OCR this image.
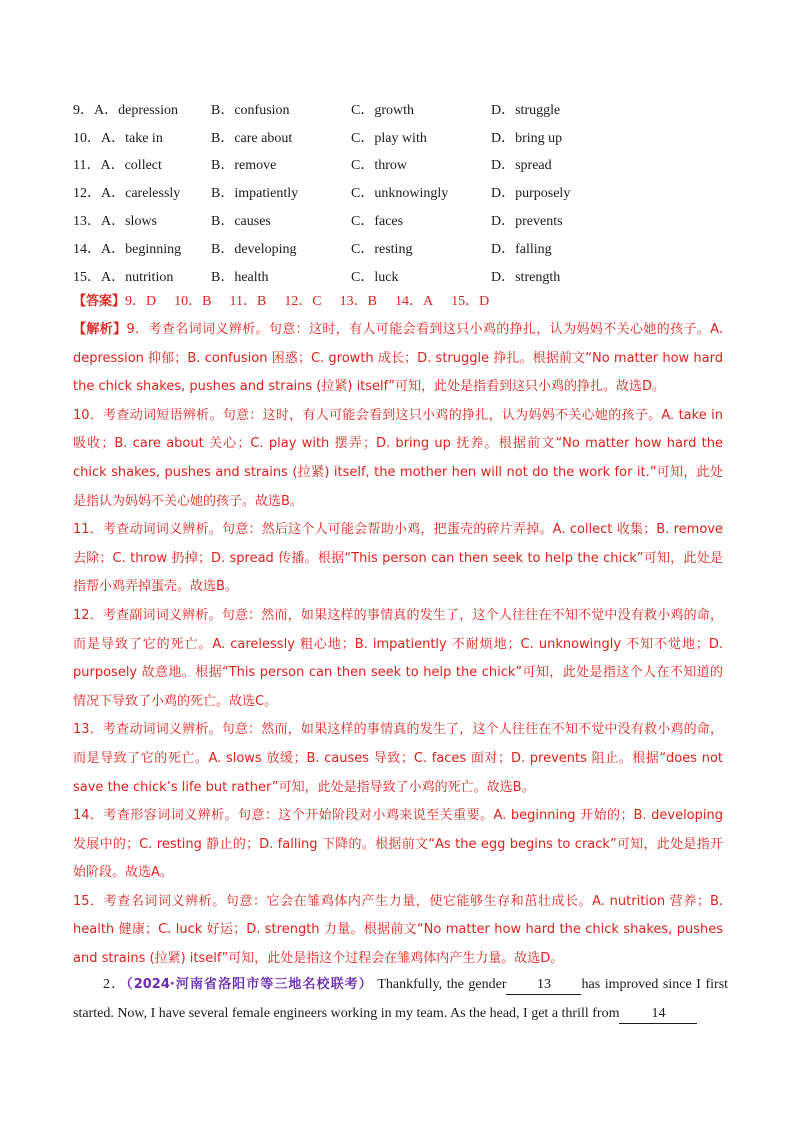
9．A．depression	B．confusion	C．growth	D．struggle
10．A．take in	B．care about	C．play with	D．bring up
11．A．collect	B．remove	C．throw	D．spread
12．A．carelessly	B．impatiently	C．unknowingly	D．purposely
13．A．slows	B．causes	C．faces	D．prevents
14．A．beginning	B．developing	C．resting	D．falling
15．A．nutrition	B．health	C．luck	D．strength
【答案】9．D 10．B 11．B 12．C 13．B 14．A 15．D

【解析】9．考查名词词义辨析。句意：这时，有人可能会看到这只小鸡的挣扎，认为妈妈不关心她的孩子。A. depression 抑郁；B. confusion 困惑；C. growth 成长；D. struggle 挣扎。根据前文“No matter how hard the chick shakes, pushes and strains (拉紧) itself”可知，此处是指看到这只小鸡的挣扎。故选D。

10．考查动词短语辨析。句意：这时，有人可能会看到这只小鸡的挣扎，认为妈妈不关心她的孩子。A. take in 吸收；B. care about 关心；C. play with 摆弄；D. bring up 抚养。根据前文“No matter how hard the chick shakes, pushes and strains (拉紧) itself, the mother hen will not do the work for it.”可知，此处是指认为妈妈不关心她的孩子。故选B。

11．考查动词词义辨析。句意：然后这个人可能会帮助小鸡，把蛋壳的碎片弄掉。A. collect 收集；B. remove 去除；C. throw 扔掉；D. spread 传播。根据“This person can then seek to help the chick”可知，此处是指帮小鸡弄掉蛋壳。故选B。

12．考查副词词义辨析。句意：然而，如果这样的事情真的发生了，这个人往往在不知不觉中没有救小鸡的命，而是导致了它的死亡。A. carelessly 粗心地；B. impatiently 不耐烦地；C. unknowingly 不知不觉地；D. purposely 故意地。根据“This person can then seek to help the chick”可知，此处是指这个人在不知道的情况下导致了小鸡的死亡。故选C。

13．考查动词词义辨析。句意：然而，如果这样的事情真的发生了，这个人往往在不知不觉中没有救小鸡的命，而是导致了它的死亡。A. slows 放缓；B. causes 导致；C. faces 面对；D. prevents 阻止。根据“does not save the chick’s life but rather”可知，此处是指导致了小鸡的死亡。故选B。

14．考查形容词词义辨析。句意：这个开始阶段对小鸡来说至关重要。A. beginning 开始的；B. developing 发展中的；C. resting 静止的；D. falling 下降的。根据前文“As the egg begins to crack”可知，此处是指开始阶段。故选A。

15．考查名词词义辨析。句意：它会在雏鸡体内产生力量，使它能够生存和茁壮成长。A. nutrition 营养；B. health 健康；C. luck 好运；D. strength 力量。根据前文“No matter how hard the chick shakes, pushes and strains (拉紧) itself”可知，此处是指这个过程会在雏鸡体内产生力量。故选D。

2．（2024·河南省洛阳市等三地名校联考） Thankfully, the gender 13 has improved since I first started. Now, I have several female engineers working in my team. As the head, I get a thrill from 14
